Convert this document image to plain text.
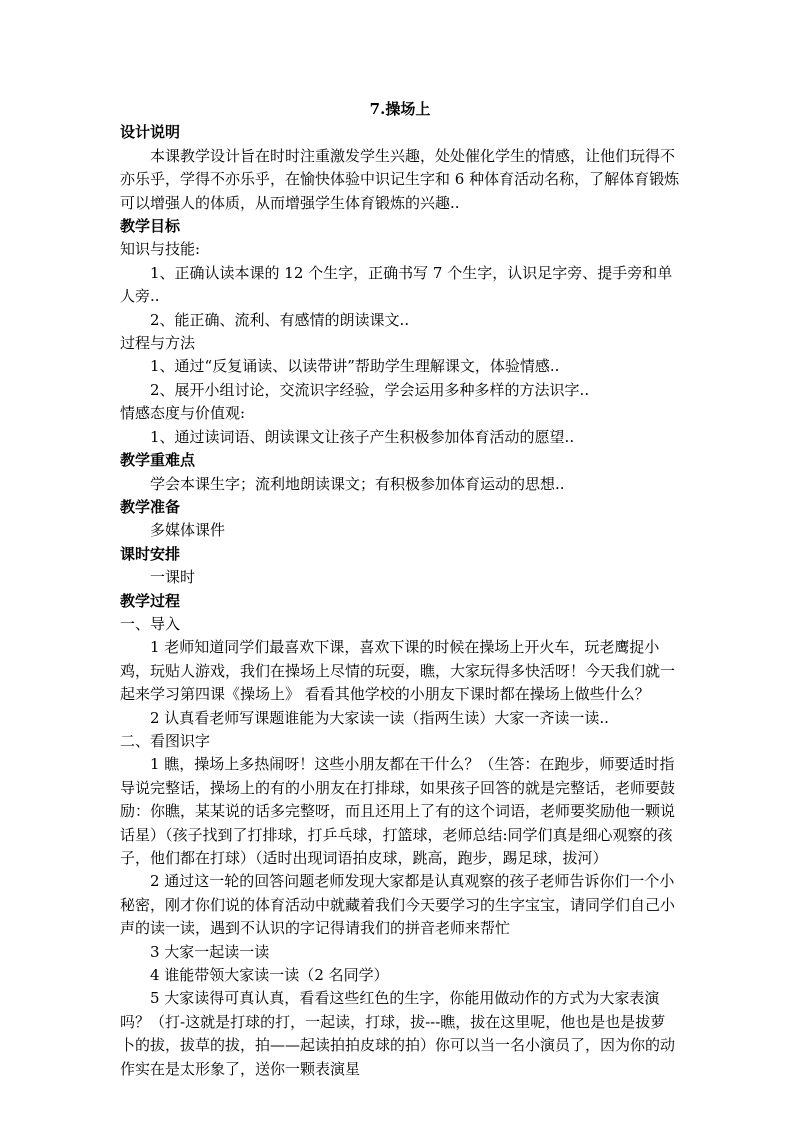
7.操场上
设计说明

本课教学设计旨在时时注重激发学生兴趣，处处催化学生的情感，让他们玩得不亦乐乎，学得不亦乐乎，在愉快体验中识记生字和 6 种体育活动名称，了解体育锻炼可以增强人的体质，从而增强学生体育锻炼的兴趣..

教学目标
知识与技能:

1、正确认读本课的 12 个生字，正确书写 7 个生字，认识足字旁、提手旁和单人旁..

2、能正确、流利、有感情的朗读课文..

过程与方法

1、通过“反复诵读、以读带讲”帮助学生理解课文，体验情感..

2、展开小组讨论，交流识字经验，学会运用多种多样的方法识字..

情感态度与价值观:

1、通过读词语、朗读课文让孩子产生积极参加体育活动的愿望..

教学重难点

学会本课生字；流利地朗读课文；有积极参加体育运动的思想..

教学准备

多媒体课件

课时安排

一课时

教学过程
一、导入

1 老师知道同学们最喜欢下课，喜欢下课的时候在操场上开火车，玩老鹰捉小鸡，玩贴人游戏，我们在操场上尽情的玩耍，瞧，大家玩得多快活呀！今天我们就一起来学习第四课《操场上》 看看其他学校的小朋友下课时都在操场上做些什么？

2 认真看老师写课题谁能为大家读一读（指两生读）大家一齐读一读..

二、看图识字

1 瞧，操场上多热闹呀！这些小朋友都在干什么？（生答：在跑步，师要适时指导说完整话，操场上的有的小朋友在打排球，如果孩子回答的就是完整话，老师要鼓励：你瞧，某某说的话多完整呀，而且还用上了有的这个词语，老师要奖励他一颗说话星）（孩子找到了打排球，打乒乓球，打篮球，老师总结:同学们真是细心观察的孩子，他们都在打球）（适时出现词语拍皮球，跳高，跑步，踢足球，拔河）

2 通过这一轮的回答问题老师发现大家都是认真观察的孩子老师告诉你们一个小秘密，刚才你们说的体育活动中就藏着我们今天要学习的生字宝宝，请同学们自己小声的读一读，遇到不认识的字记得请我们的拼音老师来帮忙

3 大家一起读一读

4 谁能带领大家读一读（2 名同学）

5 大家读得可真认真，看看这些红色的生字，你能用做动作的方式为大家表演吗？（打-这就是打球的打，一起读，打球，拔---瞧，拔在这里呢，他也是也是拔萝卜的拔，拔草的拔，拍——起读拍拍皮球的拍）你可以当一名小演员了，因为你的动作实在是太形象了，送你一颗表演星
